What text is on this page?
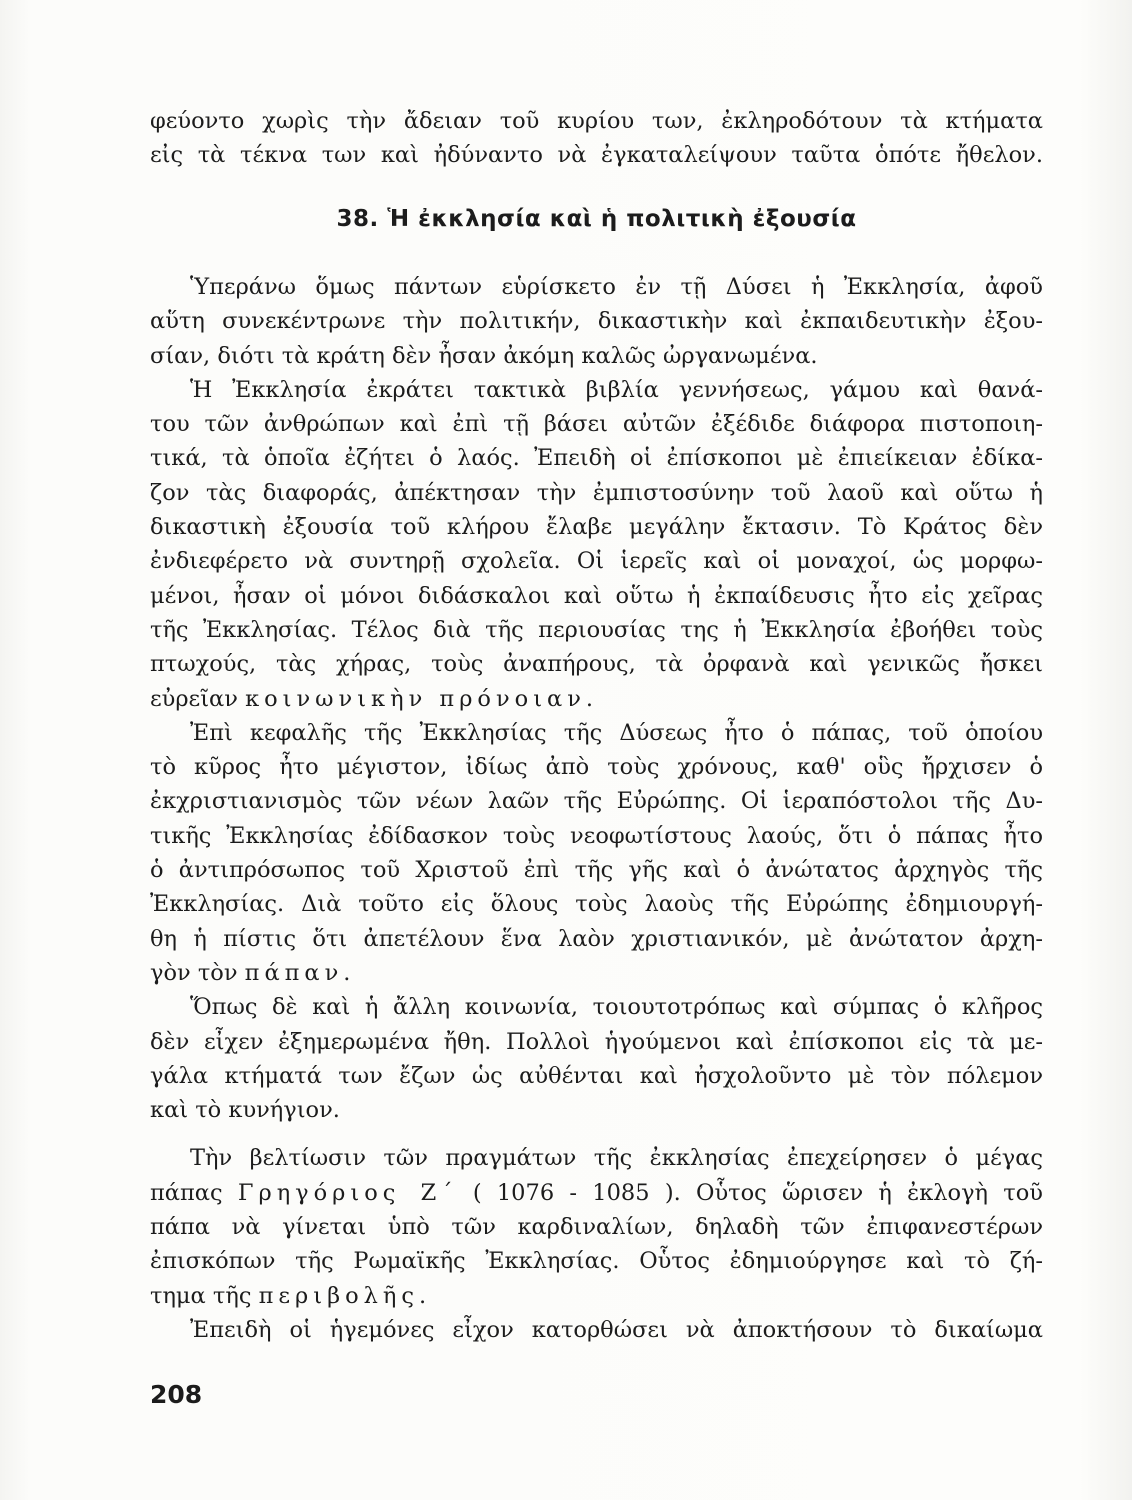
φεύοντο χωρὶς τὴν ἄδειαν τοῦ κυρίου των, ἐκληροδότουν τὰ κτήματα
εἰς τὰ τέκνα των καὶ ἠδύναντο νὰ ἐγκαταλείψουν ταῦτα ὁπότε ἤθελον.
38. Ἡ ἐκκλησία καὶ ἡ πολιτικὴ ἐξουσία
Ὑπεράνω ὅμως πάντων εὑρίσκετο ἐν τῇ Δύσει ἡ Ἐκκλησία, ἀφοῦ
αὕτη συνεκέντρωνε τὴν πολιτικήν, δικαστικὴν καὶ ἐκπαιδευτικὴν ἐξου-
σίαν, διότι τὰ κράτη δὲν ἦσαν ἀκόμη καλῶς ὠργανωμένα.
Ἡ Ἐκκλησία ἐκράτει τακτικὰ βιβλία γεννήσεως, γάμου καὶ θανά-
του τῶν ἀνθρώπων καὶ ἐπὶ τῇ βάσει αὐτῶν ἐξέδιδε διάφορα πιστοποιη-
τικά, τὰ ὁποῖα ἐζήτει ὁ λαός. Ἐπειδὴ οἱ ἐπίσκοποι μὲ ἐπιείκειαν ἐδίκα-
ζον τὰς διαφοράς, ἀπέκτησαν τὴν ἐμπιστοσύνην τοῦ λαοῦ καὶ οὕτω ἡ
δικαστικὴ ἐξουσία τοῦ κλήρου ἔλαβε μεγάλην ἔκτασιν. Τὸ Κράτος δὲν
ἐνδιεφέρετο νὰ συντηρῇ σχολεῖα. Οἱ ἱερεῖς καὶ οἱ μοναχοί, ὡς μορφω-
μένοι, ἦσαν οἱ μόνοι διδάσκαλοι καὶ οὕτω ἡ ἐκπαίδευσις ἦτο εἰς χεῖρας
τῆς Ἐκκλησίας. Τέλος διὰ τῆς περιουσίας της ἡ Ἐκκλησία ἐβοήθει τοὺς
πτωχούς, τὰς χήρας, τοὺς ἀναπήρους, τὰ ὀρφανὰ καὶ γενικῶς ἤσκει
εὐρεῖαν κοινωνικὴν πρόνοιαν.
Ἐπὶ κεφαλῆς τῆς Ἐκκλησίας τῆς Δύσεως ἦτο ὁ πάπας, τοῦ ὁποίου
τὸ κῦρος ἦτο μέγιστον, ἰδίως ἀπὸ τοὺς χρόνους, καθ' οὓς ἤρχισεν ὁ
ἐκχριστιανισμὸς τῶν νέων λαῶν τῆς Εὐρώπης. Οἱ ἱεραπόστολοι τῆς Δυ-
τικῆς Ἐκκλησίας ἐδίδασκον τοὺς νεοφωτίστους λαούς, ὅτι ὁ πάπας ἦτο
ὁ ἀντιπρόσωπος τοῦ Χριστοῦ ἐπὶ τῆς γῆς καὶ ὁ ἀνώτατος ἀρχηγὸς τῆς
Ἐκκλησίας. Διὰ τοῦτο εἰς ὅλους τοὺς λαοὺς τῆς Εὐρώπης ἐδημιουργή-
θη ἡ πίστις ὅτι ἀπετέλουν ἕνα λαὸν χριστιανικόν, μὲ ἀνώτατον ἀρχη-
γὸν τὸν πάπαν.
Ὅπως δὲ καὶ ἡ ἄλλη κοινωνία, τοιουτοτρόπως καὶ σύμπας ὁ κλῆρος
δὲν εἶχεν ἐξημερωμένα ἤθη. Πολλοὶ ἡγούμενοι καὶ ἐπίσκοποι εἰς τὰ με-
γάλα κτήματά των ἔζων ὡς αὐθένται καὶ ἠσχολοῦντο μὲ τὸν πόλεμον
καὶ τὸ κυνήγιον.
Τὴν βελτίωσιν τῶν πραγμάτων τῆς ἐκκλησίας ἐπεχείρησεν ὁ μέγας
πάπας Γρηγόριος Ζ΄ ( 1076 - 1085 ). Οὗτος ὥρισεν ἡ ἐκλογὴ τοῦ
πάπα νὰ γίνεται ὑπὸ τῶν καρδιναλίων, δηλαδὴ τῶν ἐπιφανεστέρων
ἐπισκόπων τῆς Ρωμαϊκῆς Ἐκκλησίας. Οὗτος ἐδημιούργησε καὶ τὸ ζή-
τημα τῆς περιβολῆς.
Ἐπειδὴ οἱ ἡγεμόνες εἶχον κατορθώσει νὰ ἀποκτήσουν τὸ δικαίωμα
208
